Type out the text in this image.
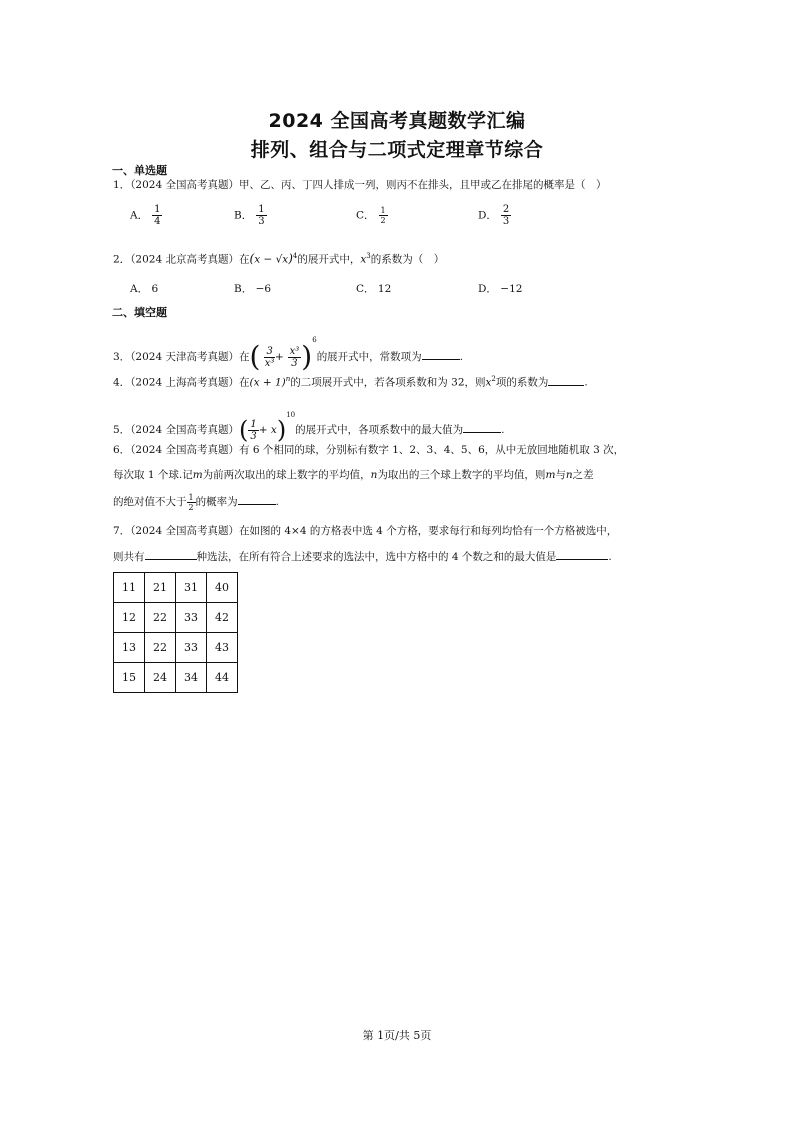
2024 全国高考真题数学汇编
排列、组合与二项式定理章节综合
一、单选题
1．（2024 全国高考真题）甲、乙、丙、丁四人排成一列，则丙不在排头，且甲或乙在排尾的概率是（　）
A． $\frac{1}{4}$	B． $\frac{1}{3}$	C． $\frac{1}{2}$	D． $\frac{2}{3}$
2．（2024 北京高考真题）在$(x - √x)^4$的展开式中，$x^3$的系数为（　）
A． 6	B． −6	C． 12	D． −12
二、填空题
3．（2024 天津高考真题）在( $\frac{3}{\text{x³}} + \frac{\text{x³}}{3} )^6$的展开式中，常数项为	.
4．（2024 上海高考真题）在$(x + 1)^n$的二项展开式中，若各项系数和为 32，则$x^2$项的系数为	.
5．（2024 全国高考真题）( $\frac{1}{3} + x)^{10}$的展开式中，各项系数中的最大值为	.
6．（2024 全国高考真题）有 6 个相同的球，分别标有数字 1、2、3、4、5、6，从中无放回地随机取 3 次，
每次取 1 个球.记m为前两次取出的球上数字的平均值，n为取出的三个球上数字的平均值，则m与n之差
的绝对值不大于 $\frac{1}{2}$ 的概率为	.
7．（2024 全国高考真题）在如图的 4×4 的方格表中选 4 个方格，要求每行和每列均恰有一个方格被选中，
则共有	种选法，在所有符合上述要求的选法中，选中方格中的 4 个数之和的最大值是	.
11	21	31	40
12	22	33	42
13	22	33	43
15	24	34	44
第 1页/共 5页
